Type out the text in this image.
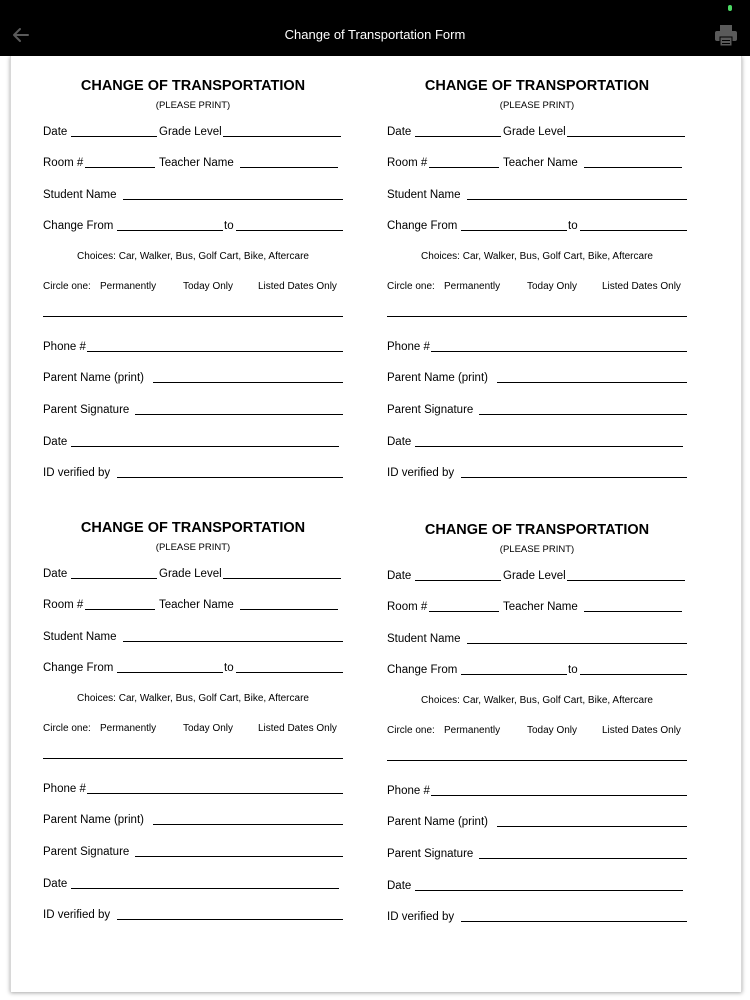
Change of Transportation Form
CHANGE OF TRANSPORTATION
(PLEASE PRINT)
Date	Grade Level
Room #	Teacher Name
Student Name
Change From	to
Choices: Car, Walker, Bus, Golf Cart, Bike, Aftercare
Circle one: Permanently	Today Only Listed Dates Only
Phone #
Parent Name (print)
Parent Signature
Date
ID verified by
CHANGE OF TRANSPORTATION
(PLEASE PRINT)
Date	Grade Level
Room #	Teacher Name
Student Name
Change From	to
Choices: Car, Walker, Bus, Golf Cart, Bike, Aftercare
Circle one: Permanently	Today Only Listed Dates Only
Phone #
Parent Name (print)
Parent Signature
Date
ID verified by
CHANGE OF TRANSPORTATION
(PLEASE PRINT)
Date	Grade Level
Room #	Teacher Name
Student Name
Change From	to
Choices: Car, Walker, Bus, Golf Cart, Bike, Aftercare
Circle one: Permanently	Today Only Listed Dates Only
Phone #
Parent Name (print)
Parent Signature
Date
ID verified by
CHANGE OF TRANSPORTATION
(PLEASE PRINT)
Date	Grade Level
Room #	Teacher Name
Student Name
Change From	to
Choices: Car, Walker, Bus, Golf Cart, Bike, Aftercare
Circle one: Permanently	Today Only Listed Dates Only
Phone #
Parent Name (print)
Parent Signature
Date
ID verified by
